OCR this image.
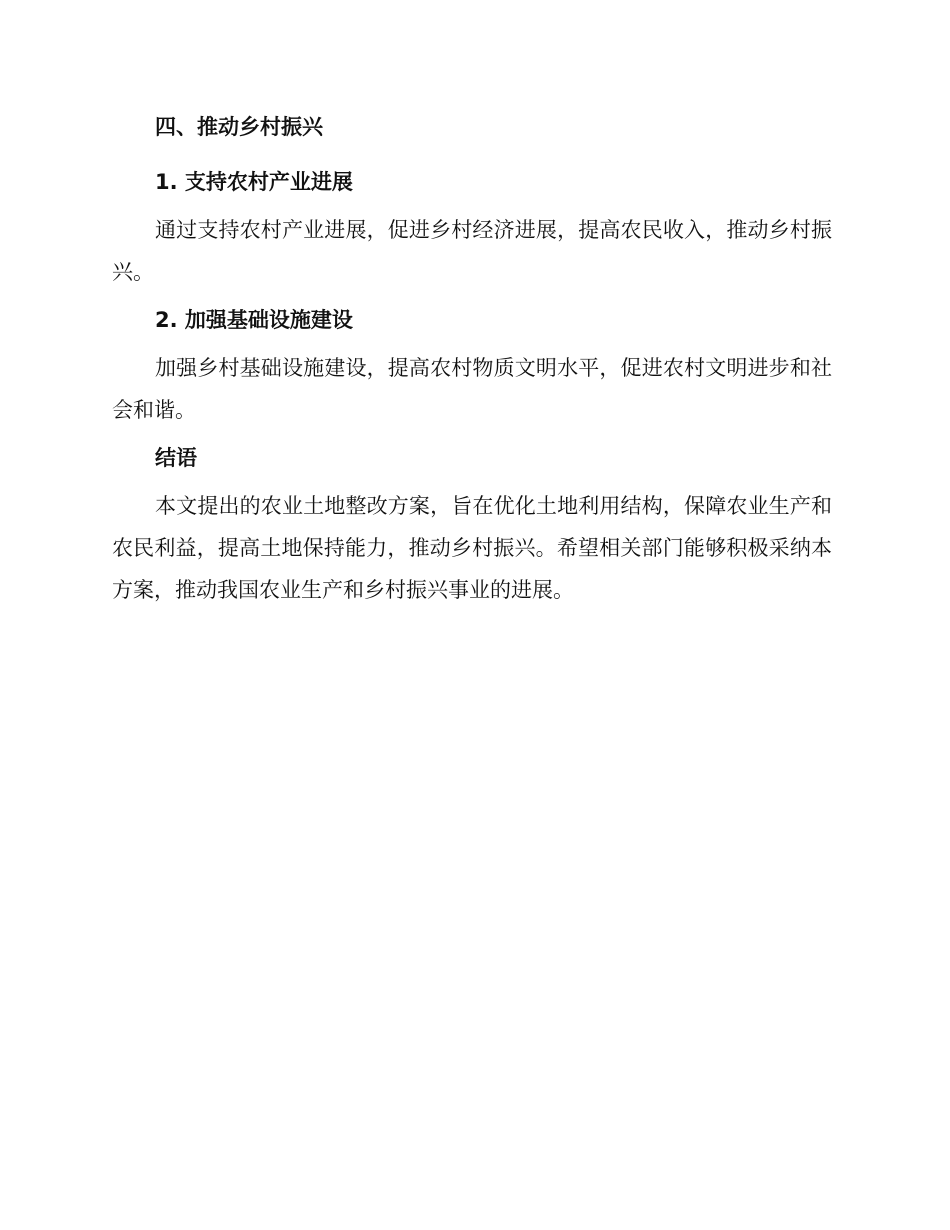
四、推动乡村振兴
1. 支持农村产业进展

通过支持农村产业进展，促进乡村经济进展，提高农民收入，推动乡村振兴。

2. 加强基础设施建设

加强乡村基础设施建设，提高农村物质文明水平，促进农村文明进步和社会和谐。

结语

本文提出的农业土地整改方案，旨在优化土地利用结构，保障农业生产和农民利益，提高土地保持能力，推动乡村振兴。希望相关部门能够积极采纳本方案，推动我国农业生产和乡村振兴事业的进展。
